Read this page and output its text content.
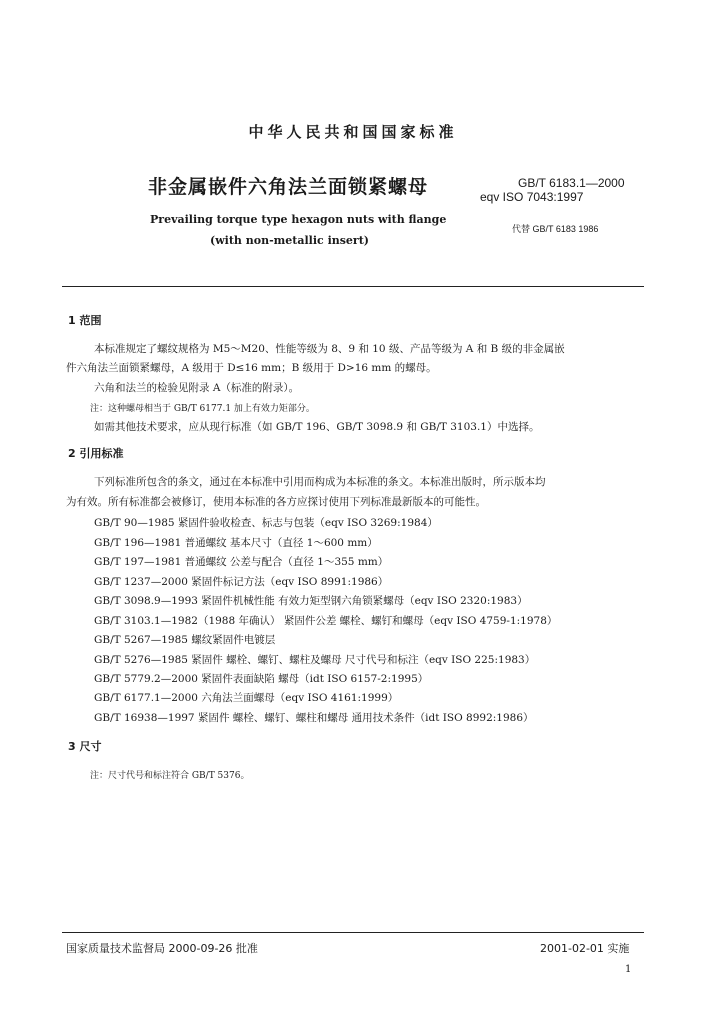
中华人民共和国国家标准
非金属嵌件六角法兰面锁紧螺母
Prevailing torque type hexagon nuts with flange
(with non-metallic insert)
GB/T 6183.1—2000
eqv ISO 7043:1997
代替 GB/T 6183 1986
1 范围
本标准规定了螺纹规格为 M5～M20、性能等级为 8、9 和 10 级、产品等级为 A 和 B 级的非金属嵌
件六角法兰面锁紧螺母，A 级用于 D≤16 mm；B 级用于 D>16 mm 的螺母。
六角和法兰的检验见附录 A（标准的附录）。
注：这种螺母相当于 GB/T 6177.1 加上有效力矩部分。
如需其他技术要求，应从现行标准（如 GB/T 196、GB/T 3098.9 和 GB/T 3103.1）中选择。
2 引用标准
下列标准所包含的条文，通过在本标准中引用而构成为本标准的条文。本标准出版时，所示版本均
为有效。所有标准都会被修订，使用本标准的各方应探讨使用下列标准最新版本的可能性。
GB/T 90—1985 紧固件验收检查、标志与包装（eqv ISO 3269:1984）
GB/T 196—1981 普通螺纹 基本尺寸（直径 1～600 mm）
GB/T 197—1981 普通螺纹 公差与配合（直径 1～355 mm）
GB/T 1237—2000 紧固件标记方法（eqv ISO 8991:1986）
GB/T 3098.9—1993 紧固件机械性能 有效力矩型钢六角锁紧螺母（eqv ISO 2320:1983）
GB/T 3103.1—1982（1988 年确认） 紧固件公差 螺栓、螺钉和螺母（eqv ISO 4759-1:1978）
GB/T 5267—1985 螺纹紧固件电镀层
GB/T 5276—1985 紧固件 螺栓、螺钉、螺柱及螺母 尺寸代号和标注（eqv ISO 225:1983）
GB/T 5779.2—2000 紧固件表面缺陷 螺母（idt ISO 6157-2:1995）
GB/T 6177.1—2000 六角法兰面螺母（eqv ISO 4161:1999）
GB/T 16938—1997 紧固件 螺栓、螺钉、螺柱和螺母 通用技术条件（idt ISO 8992:1986）
3 尺寸
注：尺寸代号和标注符合 GB/T 5376。
国家质量技术监督局 2000-09-26 批准	2001-02-01 实施
1
